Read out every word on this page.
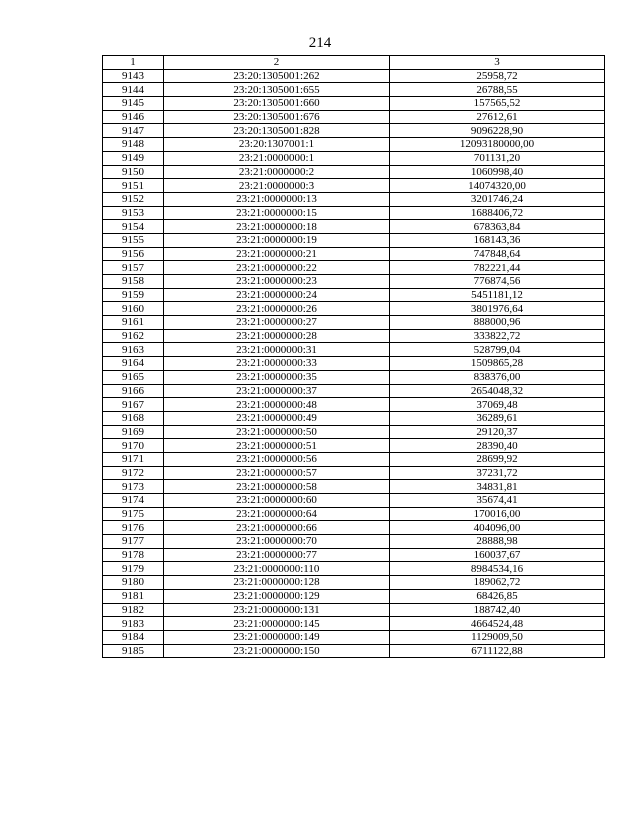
214
1	2	3
9143	23:20:1305001:262	25958,72
9144	23:20:1305001:655	26788,55
9145	23:20:1305001:660	157565,52
9146	23:20:1305001:676	27612,61
9147	23:20:1305001:828	9096228,90
9148	23:20:1307001:1	12093180000,00
9149	23:21:0000000:1	701131,20
9150	23:21:0000000:2	1060998,40
9151	23:21:0000000:3	14074320,00
9152	23:21:0000000:13	3201746,24
9153	23:21:0000000:15	1688406,72
9154	23:21:0000000:18	678363,84
9155	23:21:0000000:19	168143,36
9156	23:21:0000000:21	747848,64
9157	23:21:0000000:22	782221,44
9158	23:21:0000000:23	776874,56
9159	23:21:0000000:24	5451181,12
9160	23:21:0000000:26	3801976,64
9161	23:21:0000000:27	888000,96
9162	23:21:0000000:28	333822,72
9163	23:21:0000000:31	528799,04
9164	23:21:0000000:33	1509865,28
9165	23:21:0000000:35	838376,00
9166	23:21:0000000:37	2654048,32
9167	23:21:0000000:48	37069,48
9168	23:21:0000000:49	36289,61
9169	23:21:0000000:50	29120,37
9170	23:21:0000000:51	28390,40
9171	23:21:0000000:56	28699,92
9172	23:21:0000000:57	37231,72
9173	23:21:0000000:58	34831,81
9174	23:21:0000000:60	35674,41
9175	23:21:0000000:64	170016,00
9176	23:21:0000000:66	404096,00
9177	23:21:0000000:70	28888,98
9178	23:21:0000000:77	160037,67
9179	23:21:0000000:110	8984534,16
9180	23:21:0000000:128	189062,72
9181	23:21:0000000:129	68426,85
9182	23:21:0000000:131	188742,40
9183	23:21:0000000:145	4664524,48
9184	23:21:0000000:149	1129009,50
9185	23:21:0000000:150	6711122,88
